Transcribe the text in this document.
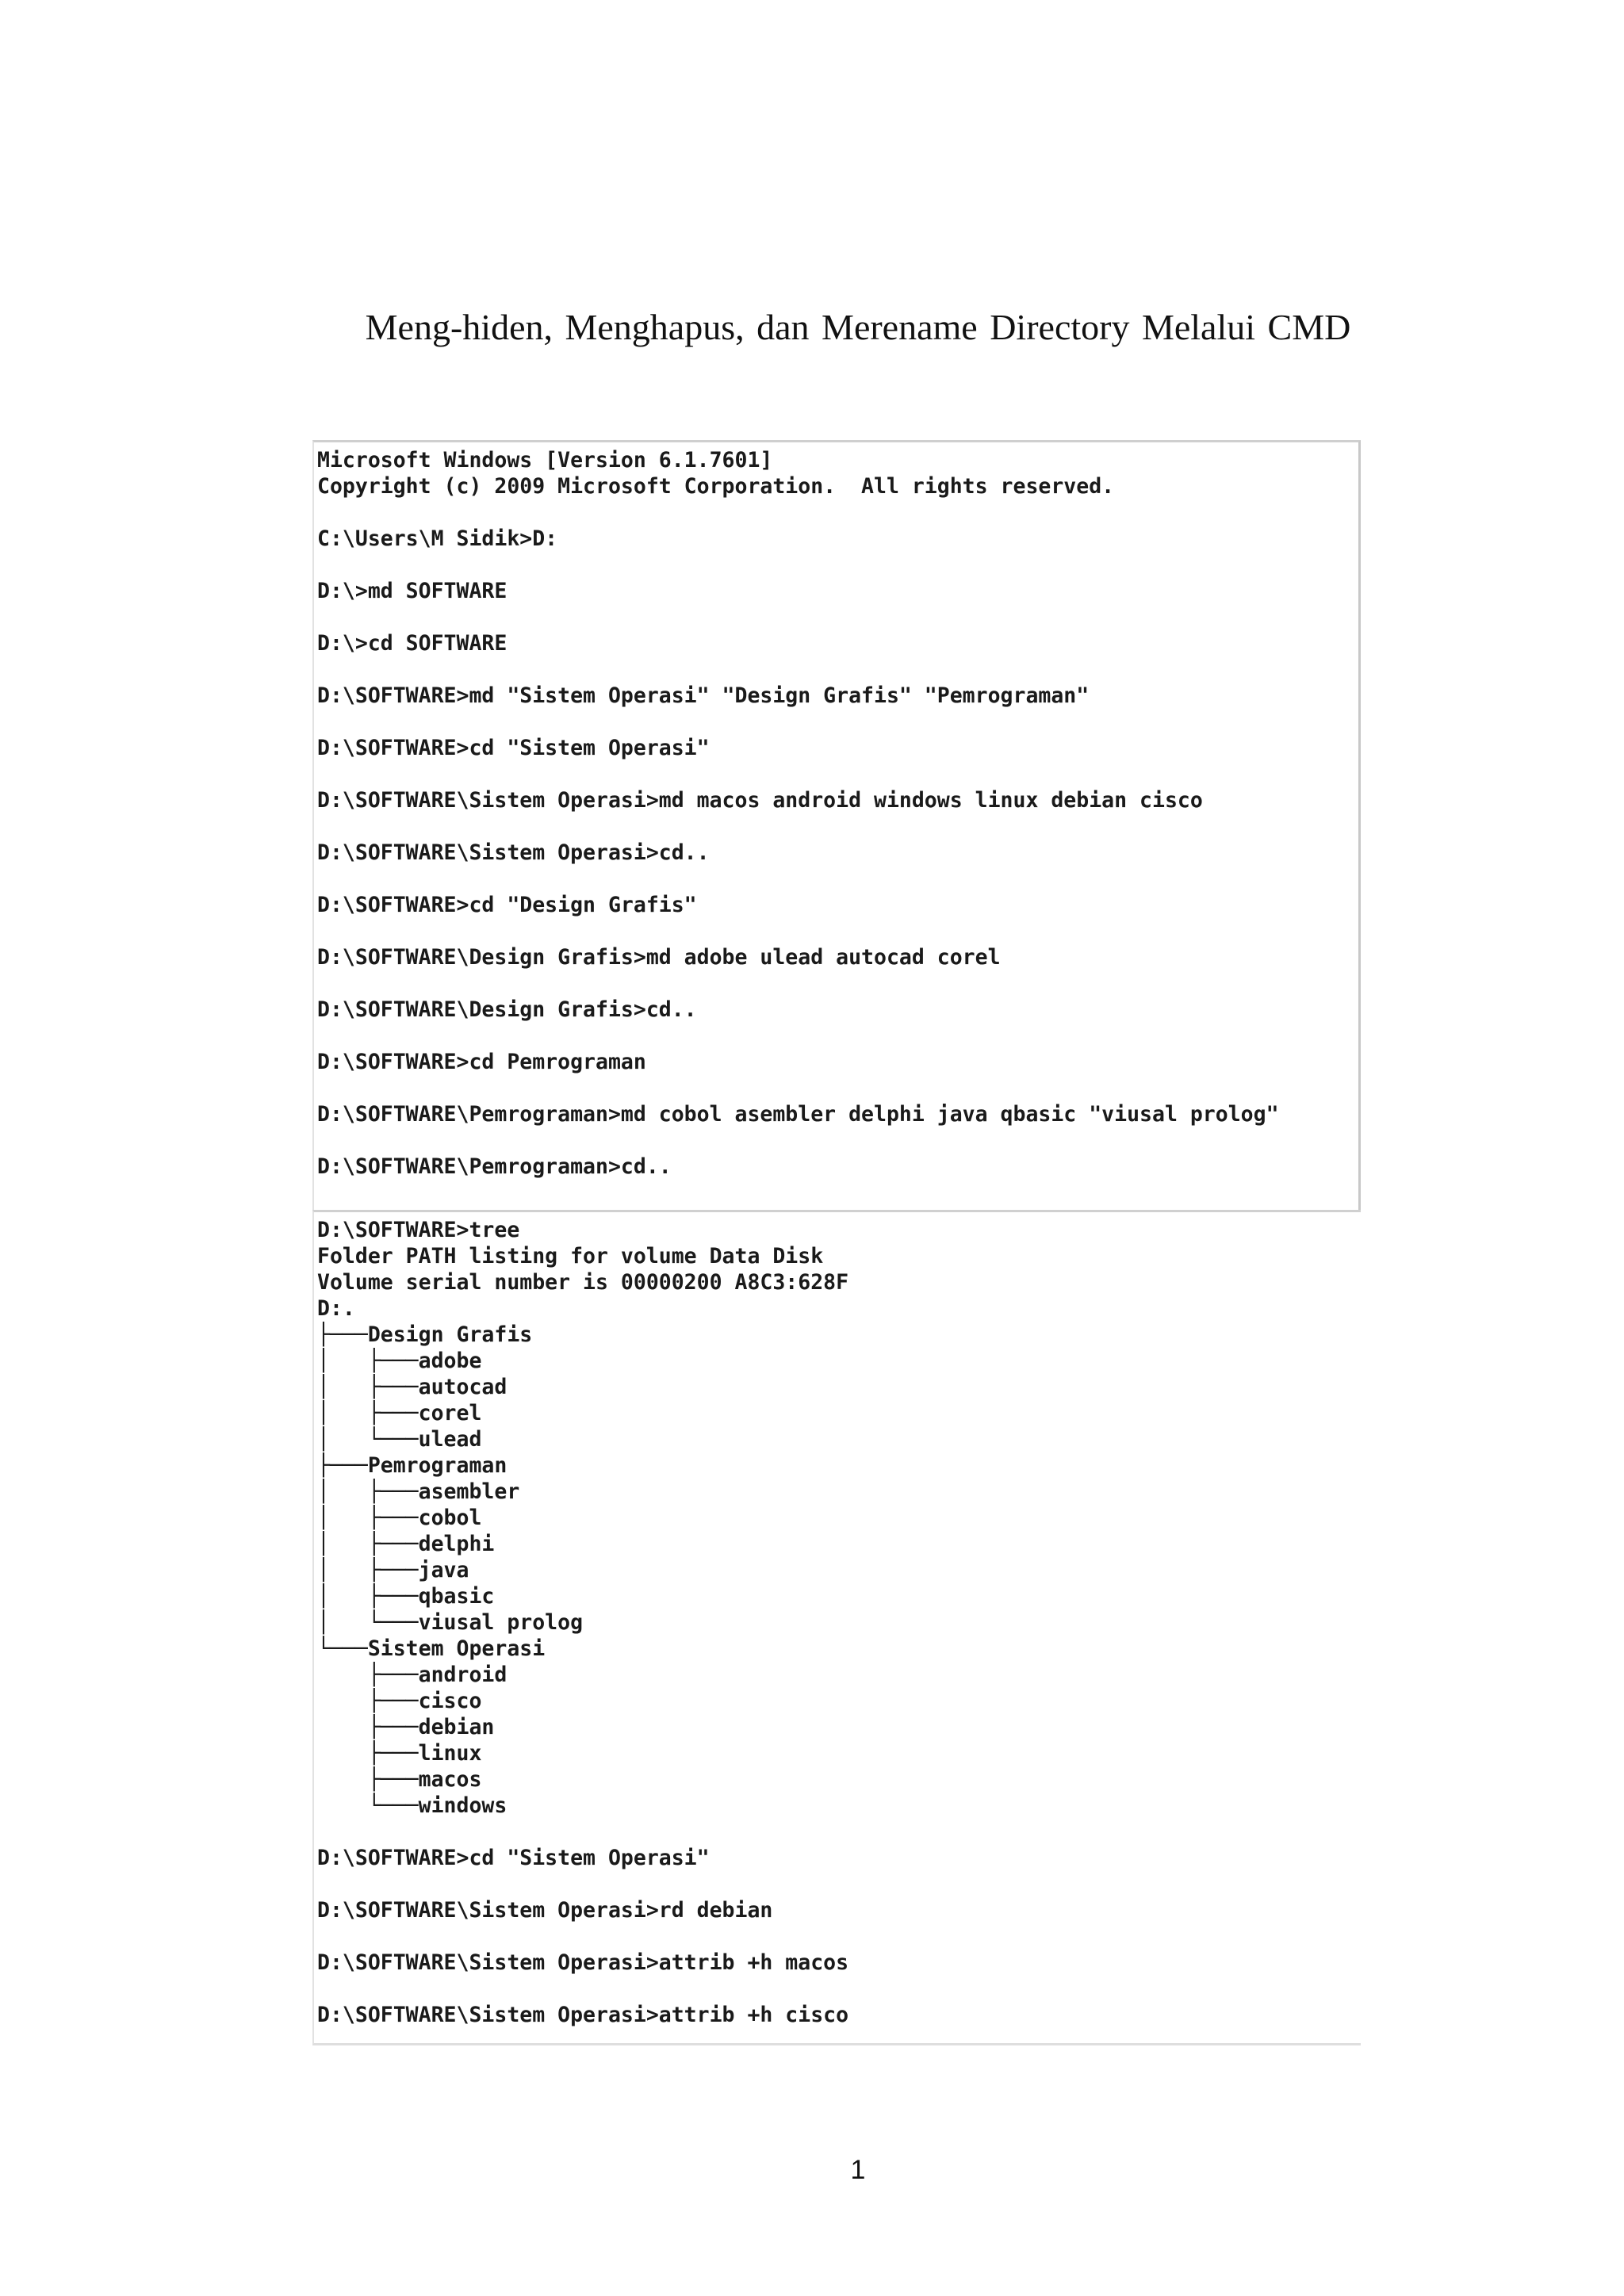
Meng-hiden, Menghapus, dan Merename Directory Melalui CMD
Microsoft Windows [Version 6.1.7601]
Copyright (c) 2009 Microsoft Corporation.  All rights reserved.
C:\Users\M Sidik>D:
D:\>md SOFTWARE
D:\>cd SOFTWARE
D:\SOFTWARE>md "Sistem Operasi" "Design Grafis" "Pemrograman"
D:\SOFTWARE>cd "Sistem Operasi"
D:\SOFTWARE\Sistem Operasi>md macos android windows linux debian cisco
D:\SOFTWARE\Sistem Operasi>cd..
D:\SOFTWARE>cd "Design Grafis"
D:\SOFTWARE\Design Grafis>md adobe ulead autocad corel
D:\SOFTWARE\Design Grafis>cd..
D:\SOFTWARE>cd Pemrograman
D:\SOFTWARE\Pemrograman>md cobol asembler delphi java qbasic "viusal prolog"
D:\SOFTWARE\Pemrograman>cd..
D:\SOFTWARE>tree
Folder PATH listing for volume Data Disk
Volume serial number is 00000200 A8C3:628F
D:.
├───Design Grafis
│   ├───adobe
│   ├───autocad
│   ├───corel
│   └───ulead
├───Pemrograman
│   ├───asembler
│   ├───cobol
│   ├───delphi
│   ├───java
│   ├───qbasic
│   └───viusal prolog
└───Sistem Operasi
├───android
├───cisco
├───debian
├───linux
├───macos
└───windows
D:\SOFTWARE>cd "Sistem Operasi"
D:\SOFTWARE\Sistem Operasi>rd debian
D:\SOFTWARE\Sistem Operasi>attrib +h macos
D:\SOFTWARE\Sistem Operasi>attrib +h cisco
1
